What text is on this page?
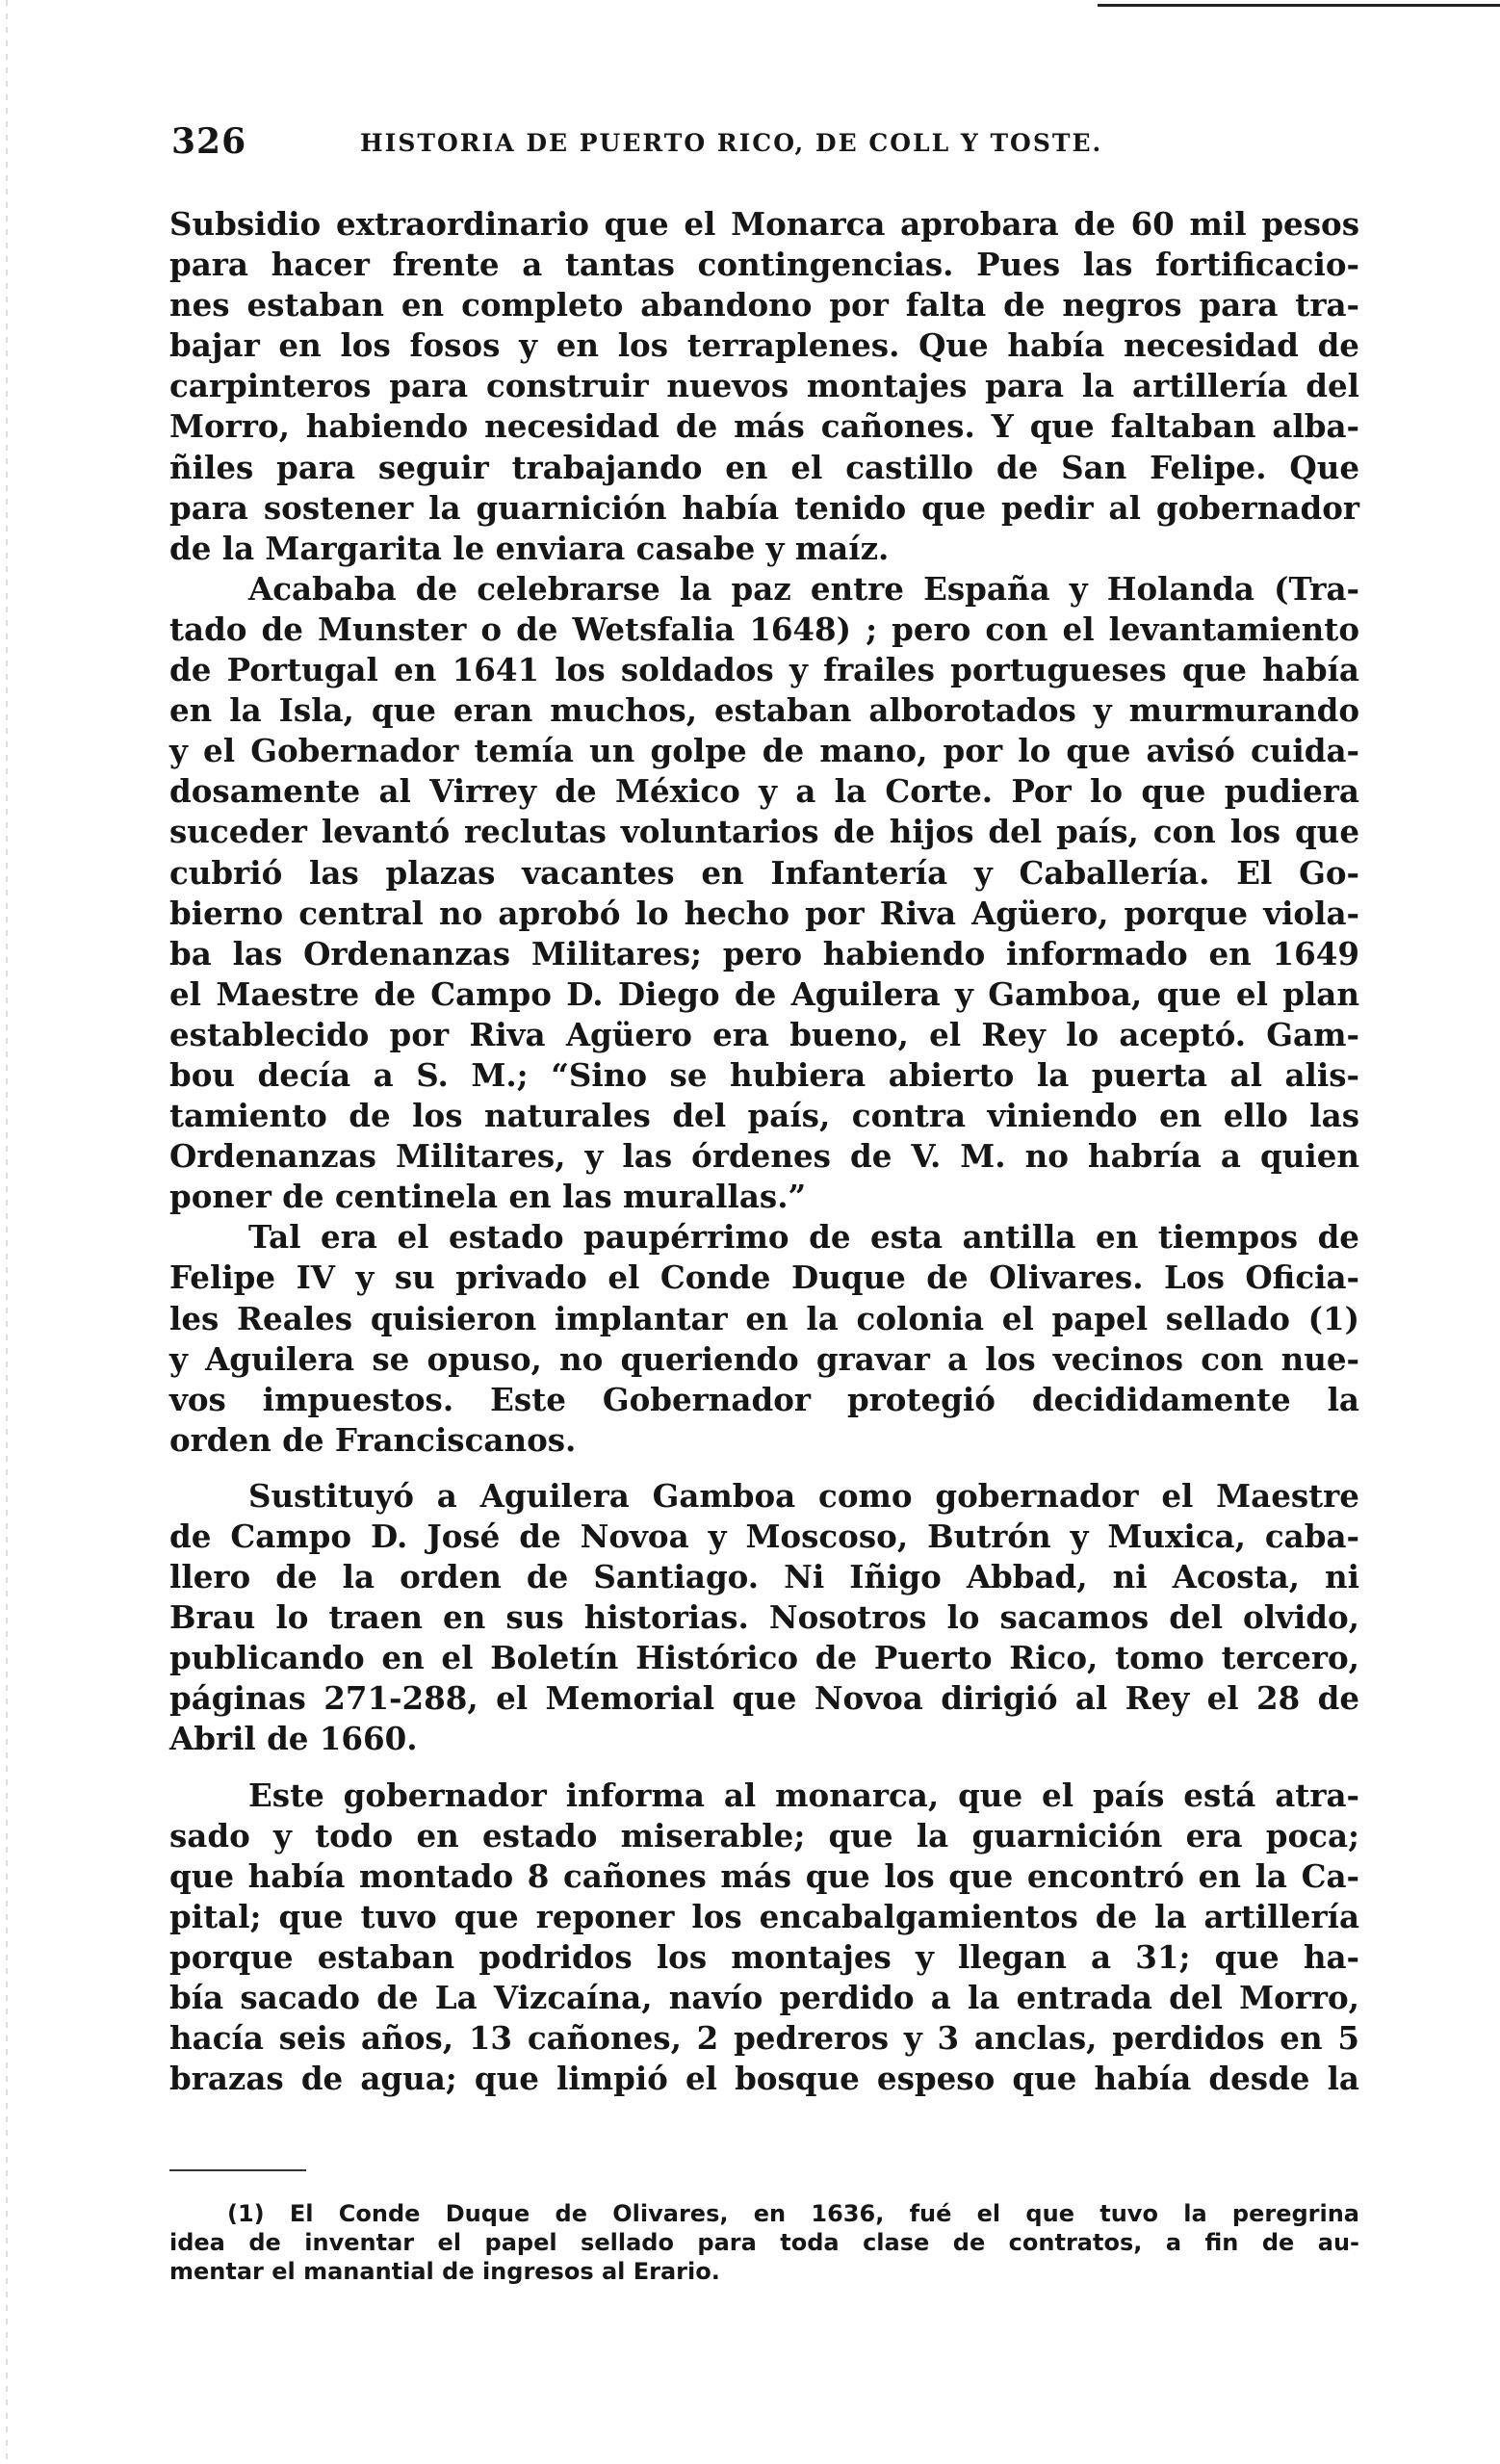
326	HISTORIA DE PUERTO RICO, DE COLL Y TOSTE.
Subsidio extraordinario que el Monarca aprobara de 60 mil pesos
para hacer frente a tantas contingencias. Pues las fortificacio-
nes estaban en completo abandono por falta de negros para tra-
bajar en los fosos y en los terraplenes. Que había necesidad de
carpinteros para construir nuevos montajes para la artillería del
Morro, habiendo necesidad de más cañones. Y que faltaban alba-
ñiles para seguir trabajando en el castillo de San Felipe. Que
para sostener la guarnición había tenido que pedir al gobernador
de la Margarita le enviara casabe y maíz.
Acababa de celebrarse la paz entre España y Holanda (Tra-
tado de Munster o de Wetsfalia 1648) ; pero con el levantamiento
de Portugal en 1641 los soldados y frailes portugueses que había
en la Isla, que eran muchos, estaban alborotados y murmurando
y el Gobernador temía un golpe de mano, por lo que avisó cuida-
dosamente al Virrey de México y a la Corte. Por lo que pudiera
suceder levantó reclutas voluntarios de hijos del país, con los que
cubrió las plazas vacantes en Infantería y Caballería. El Go-
bierno central no aprobó lo hecho por Riva Agüero, porque viola-
ba las Ordenanzas Militares; pero habiendo informado en 1649
el Maestre de Campo D. Diego de Aguilera y Gamboa, que el plan
establecido por Riva Agüero era bueno, el Rey lo aceptó. Gam-
bou decía a S. M.; “Sino se hubiera abierto la puerta al alis-
tamiento de los naturales del país, contra viniendo en ello las
Ordenanzas Militares, y las órdenes de V. M. no habría a quien
poner de centinela en las murallas.”
Tal era el estado paupérrimo de esta antilla en tiempos de
Felipe IV y su privado el Conde Duque de Olivares. Los Oficia-
les Reales quisieron implantar en la colonia el papel sellado (1)
y Aguilera se opuso, no queriendo gravar a los vecinos con nue-
vos impuestos. Este Gobernador protegió decididamente la
orden de Franciscanos.
Sustituyó a Aguilera Gamboa como gobernador el Maestre
de Campo D. José de Novoa y Moscoso, Butrón y Muxica, caba-
llero de la orden de Santiago. Ni Iñigo Abbad, ni Acosta, ni
Brau lo traen en sus historias. Nosotros lo sacamos del olvido,
publicando en el Boletín Histórico de Puerto Rico, tomo tercero,
páginas 271-288, el Memorial que Novoa dirigió al Rey el 28 de
Abril de 1660.
Este gobernador informa al monarca, que el país está atra-
sado y todo en estado miserable; que la guarnición era poca;
que había montado 8 cañones más que los que encontró en la Ca-
pital; que tuvo que reponer los encabalgamientos de la artillería
porque estaban podridos los montajes y llegan a 31; que ha-
bía sacado de La Vizcaína, navío perdido a la entrada del Morro,
hacía seis años, 13 cañones, 2 pedreros y 3 anclas, perdidos en 5
brazas de agua; que limpió el bosque espeso que había desde la
(1) El Conde Duque de Olivares, en 1636, fué el que tuvo la peregrina
idea de inventar el papel sellado para toda clase de contratos, a fin de au-
mentar el manantial de ingresos al Erario.
